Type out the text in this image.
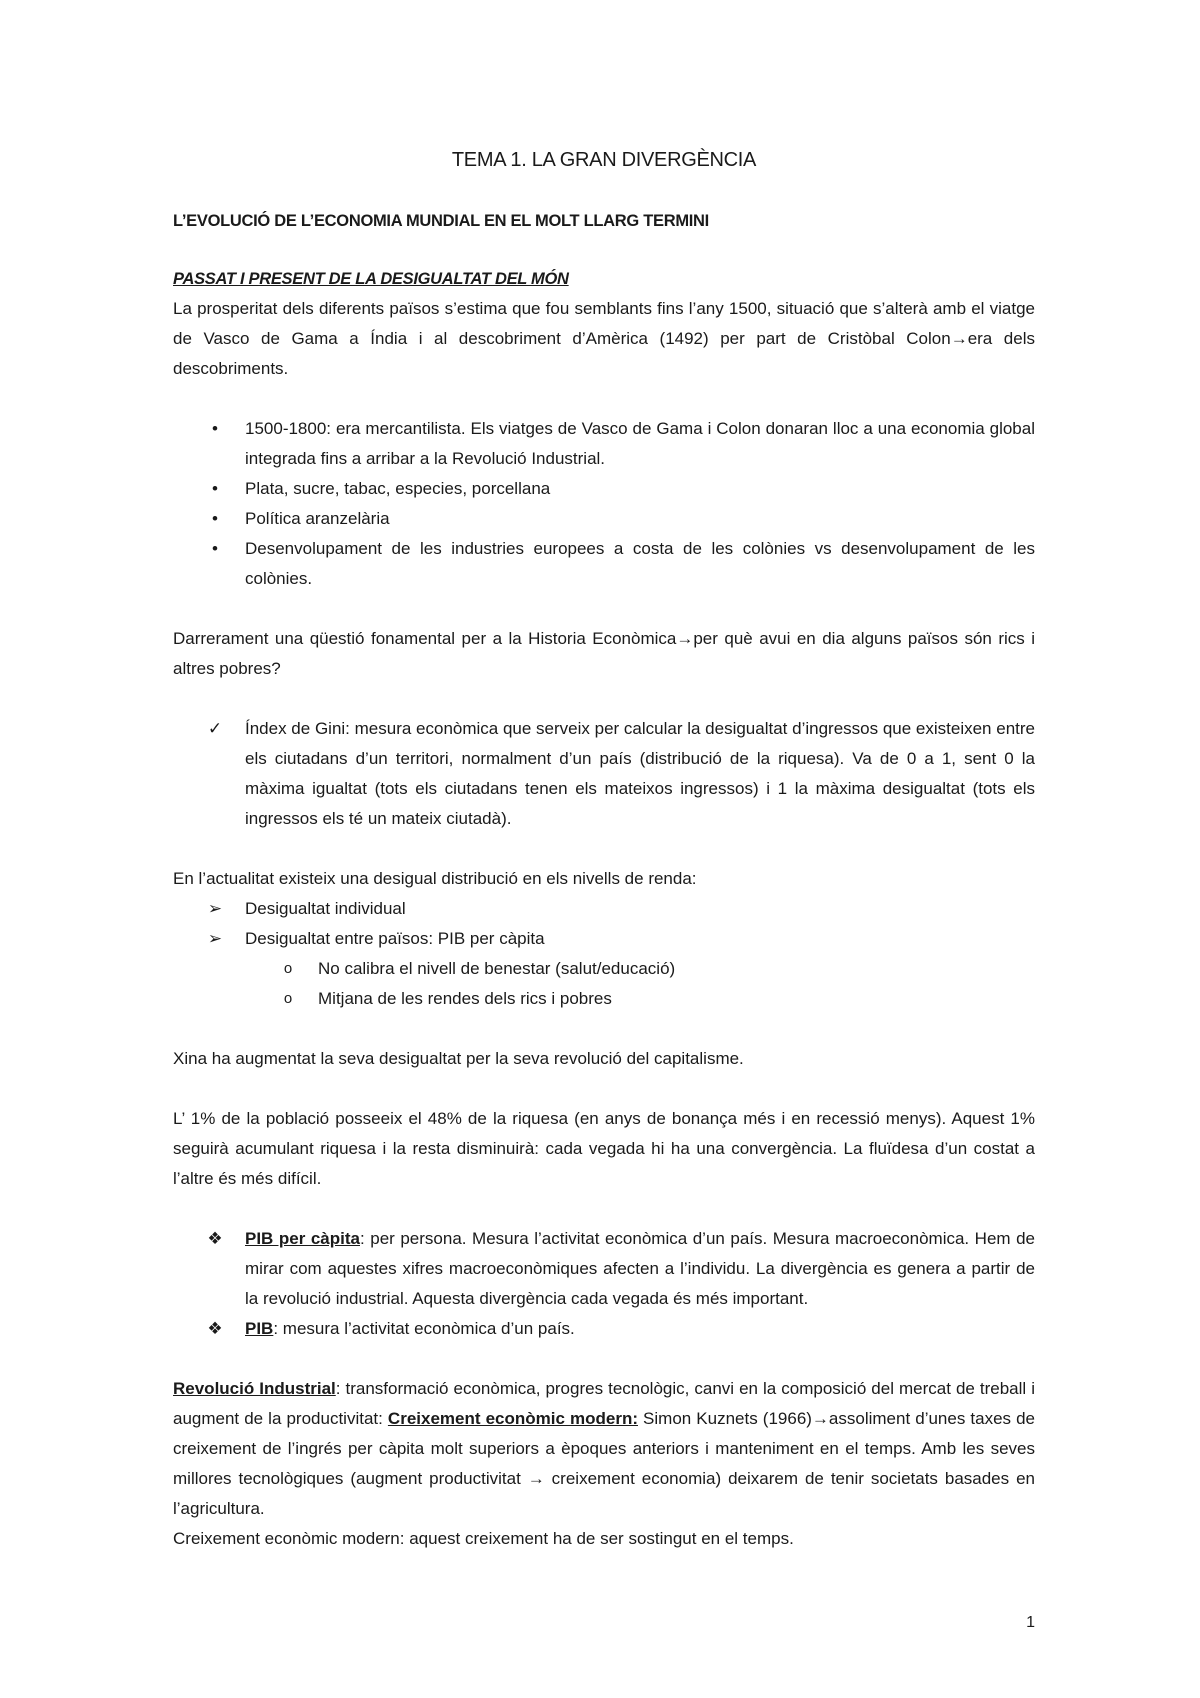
TEMA 1. LA GRAN DIVERGÈNCIA
L’EVOLUCIÓ DE L’ECONOMIA MUNDIAL EN EL MOLT LLARG TERMINI
PASSAT I PRESENT DE LA DESIGUALTAT DEL MÓN

La prosperitat dels diferents països s’estima que fou semblants fins l’any 1500, situació que s’alterà amb el viatge de Vasco de Gama a Índia i al descobriment d’Amèrica (1492) per part de Cristòbal Colon→era dels descobriments.

•	1500-1800: era mercantilista. Els viatges de Vasco de Gama i Colon donaran lloc a una economia global integrada fins a arribar a la Revolució Industrial.
•	Plata, sucre, tabac, especies, porcellana
•	Política aranzelària
•	Desenvolupament de les industries europees a costa de les colònies vs desenvolupament de les colònies.

Darrerament una qüestió fonamental per a la Historia Econòmica→per què avui en dia alguns països són rics i altres pobres?

✓ Índex de Gini: mesura econòmica que serveix per calcular la desigualtat d’ingressos que existeixen entre els ciutadans d’un territori, normalment d’un país (distribució de la riquesa). Va de 0 a 1, sent 0 la màxima igualtat (tots els ciutadans tenen els mateixos ingressos) i 1 la màxima desigualtat (tots els ingressos els té un mateix ciutadà).

En l’actualitat existeix una desigual distribució en els nivells de renda:

➢ Desigualtat individual
➢ Desigualtat entre països: PIB per càpita
o	No calibra el nivell de benestar (salut/educació)
o	Mitjana de les rendes dels rics i pobres

Xina ha augmentat la seva desigualtat per la seva revolució del capitalisme.

L’ 1% de la població posseeix el 48% de la riquesa (en anys de bonança més i en recessió menys). Aquest 1% seguirà acumulant riquesa i la resta disminuirà: cada vegada hi ha una convergència. La fluïdesa d’un costat a l’altre és més difícil.

❖ PIB per càpita: per persona. Mesura l’activitat econòmica d’un país. Mesura macroeconòmica. Hem de mirar com aquestes xifres macroeconòmiques afecten a l’individu. La divergència es genera a partir de la revolució industrial. Aquesta divergència cada vegada és més important.
❖ PIB: mesura l’activitat econòmica d’un país.

Revolució Industrial: transformació econòmica, progres tecnològic, canvi en la composició del mercat de treball i augment de la productivitat: Creixement econòmic modern: Simon Kuznets (1966)→assoliment d’unes taxes de creixement de l’ingrés per càpita molt superiors a èpoques anteriors i manteniment en el temps. Amb les seves millores tecnològiques (augment productivitat → creixement economia) deixarem de tenir societats basades en l’agricultura.

Creixement econòmic modern: aquest creixement ha de ser sostingut en el temps.

1
